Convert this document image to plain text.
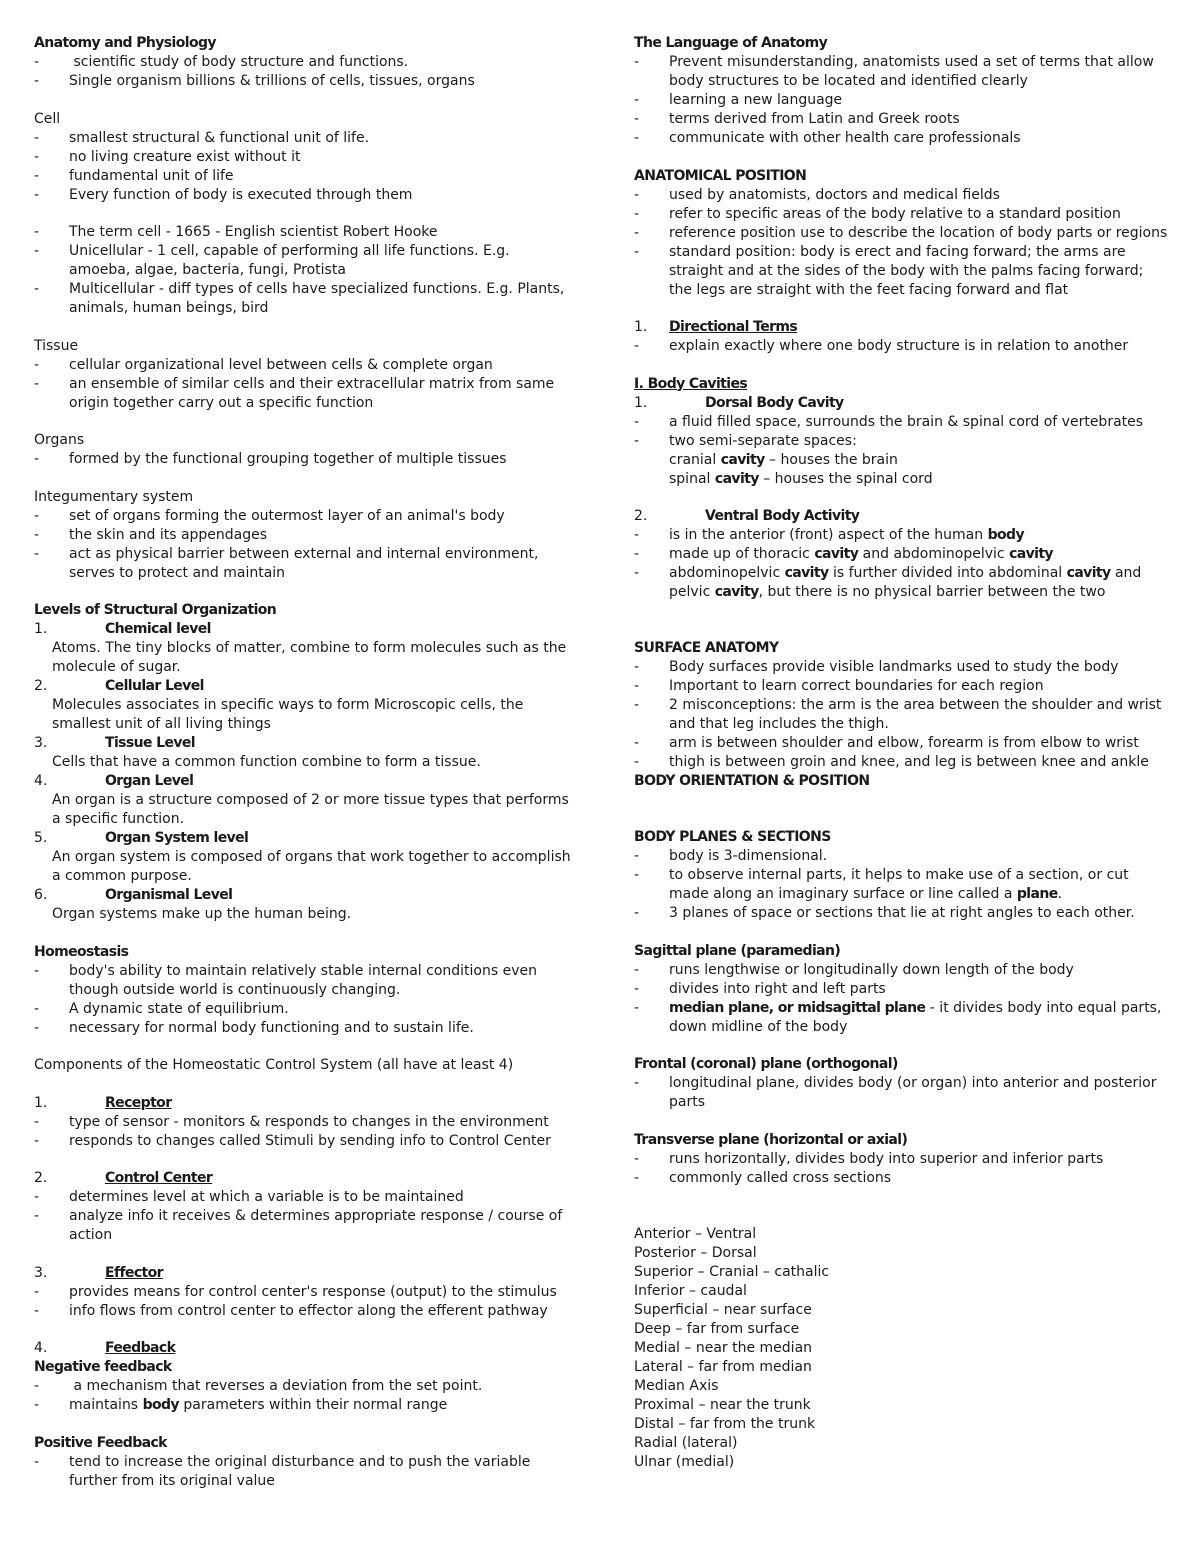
Anatomy and Physiology
- scientific study of body structure and functions.
- Single organism billions & trillions of cells, tissues, organs
Cell
- smallest structural & functional unit of life.
- no living creature exist without it
- fundamental unit of life
- Every function of body is executed through them
- The term cell - 1665 - English scientist Robert Hooke
- Unicellular - 1 cell, capable of performing all life functions. E.g.
amoeba, algae, bacteria, fungi, Protista
- Multicellular - diff types of cells have specialized functions. E.g. Plants,
animals, human beings, bird
Tissue
- cellular organizational level between cells & complete organ
- an ensemble of similar cells and their extracellular matrix from same
origin together carry out a specific function
Organs
- formed by the functional grouping together of multiple tissues
Integumentary system
- set of organs forming the outermost layer of an animal's body
- the skin and its appendages
- act as physical barrier between external and internal environment,
serves to protect and maintain
Levels of Structural Organization
1.	Chemical level
Atoms. The tiny blocks of matter, combine to form molecules such as the
molecule of sugar.
2.	Cellular Level
Molecules associates in specific ways to form Microscopic cells, the
smallest unit of all living things
3.	Tissue Level
Cells that have a common function combine to form a tissue.
4.	Organ Level
An organ is a structure composed of 2 or more tissue types that performs
a specific function.
5.	Organ System level
An organ system is composed of organs that work together to accomplish
a common purpose.
6.	Organismal Level
Organ systems make up the human being.
Homeostasis
- body's ability to maintain relatively stable internal conditions even
though outside world is continuously changing.
- A dynamic state of equilibrium.
- necessary for normal body functioning and to sustain life.
Components of the Homeostatic Control System (all have at least 4)
1.	Receptor
- type of sensor - monitors & responds to changes in the environment
- responds to changes called Stimuli by sending info to Control Center
2.	Control Center
- determines level at which a variable is to be maintained
- analyze info it receives & determines appropriate response / course of
action
3.	Effector
- provides means for control center's response (output) to the stimulus
- info flows from control center to effector along the efferent pathway
4.	Feedback
Negative feedback
- a mechanism that reverses a deviation from the set point.
- maintains body parameters within their normal range
Positive Feedback
- tend to increase the original disturbance and to push the variable
further from its original value
The Language of Anatomy
- Prevent misunderstanding, anatomists used a set of terms that allow
body structures to be located and identified clearly
- learning a new language
- terms derived from Latin and Greek roots
- communicate with other health care professionals
ANATOMICAL POSITION
- used by anatomists, doctors and medical fields
- refer to specific areas of the body relative to a standard position
- reference position use to describe the location of body parts or regions
- standard position: body is erect and facing forward; the arms are
straight and at the sides of the body with the palms facing forward;
the legs are straight with the feet facing forward and flat
1. Directional Terms
- explain exactly where one body structure is in relation to another
I. Body Cavities
1.	Dorsal Body Cavity
- a fluid filled space, surrounds the brain & spinal cord of vertebrates
- two semi-separate spaces:
cranial cavity – houses the brain
spinal cavity – houses the spinal cord
2.	Ventral Body Activity
- is in the anterior (front) aspect of the human body
- made up of thoracic cavity and abdominopelvic cavity
- abdominopelvic cavity is further divided into abdominal cavity and
pelvic cavity, but there is no physical barrier between the two
SURFACE ANATOMY
- Body surfaces provide visible landmarks used to study the body
- Important to learn correct boundaries for each region
- 2 misconceptions: the arm is the area between the shoulder and wrist
and that leg includes the thigh.
- arm is between shoulder and elbow, forearm is from elbow to wrist
- thigh is between groin and knee, and leg is between knee and ankle
BODY ORIENTATION & POSITION
BODY PLANES & SECTIONS
- body is 3-dimensional.
- to observe internal parts, it helps to make use of a section, or cut
made along an imaginary surface or line called a plane.
- 3 planes of space or sections that lie at right angles to each other.
Sagittal plane (paramedian)
- runs lengthwise or longitudinally down length of the body
- divides into right and left parts
- median plane, or midsagittal plane - it divides body into equal parts,
down midline of the body
Frontal (coronal) plane (orthogonal)
- longitudinal plane, divides body (or organ) into anterior and posterior
parts
Transverse plane (horizontal or axial)
- runs horizontally, divides body into superior and inferior parts
- commonly called cross sections
Anterior – Ventral
Posterior – Dorsal
Superior – Cranial – cathalic
Inferior – caudal
Superficial – near surface
Deep – far from surface
Medial – near the median
Lateral – far from median
Median Axis
Proximal – near the trunk
Distal – far from the trunk
Radial (lateral)
Ulnar (medial)
